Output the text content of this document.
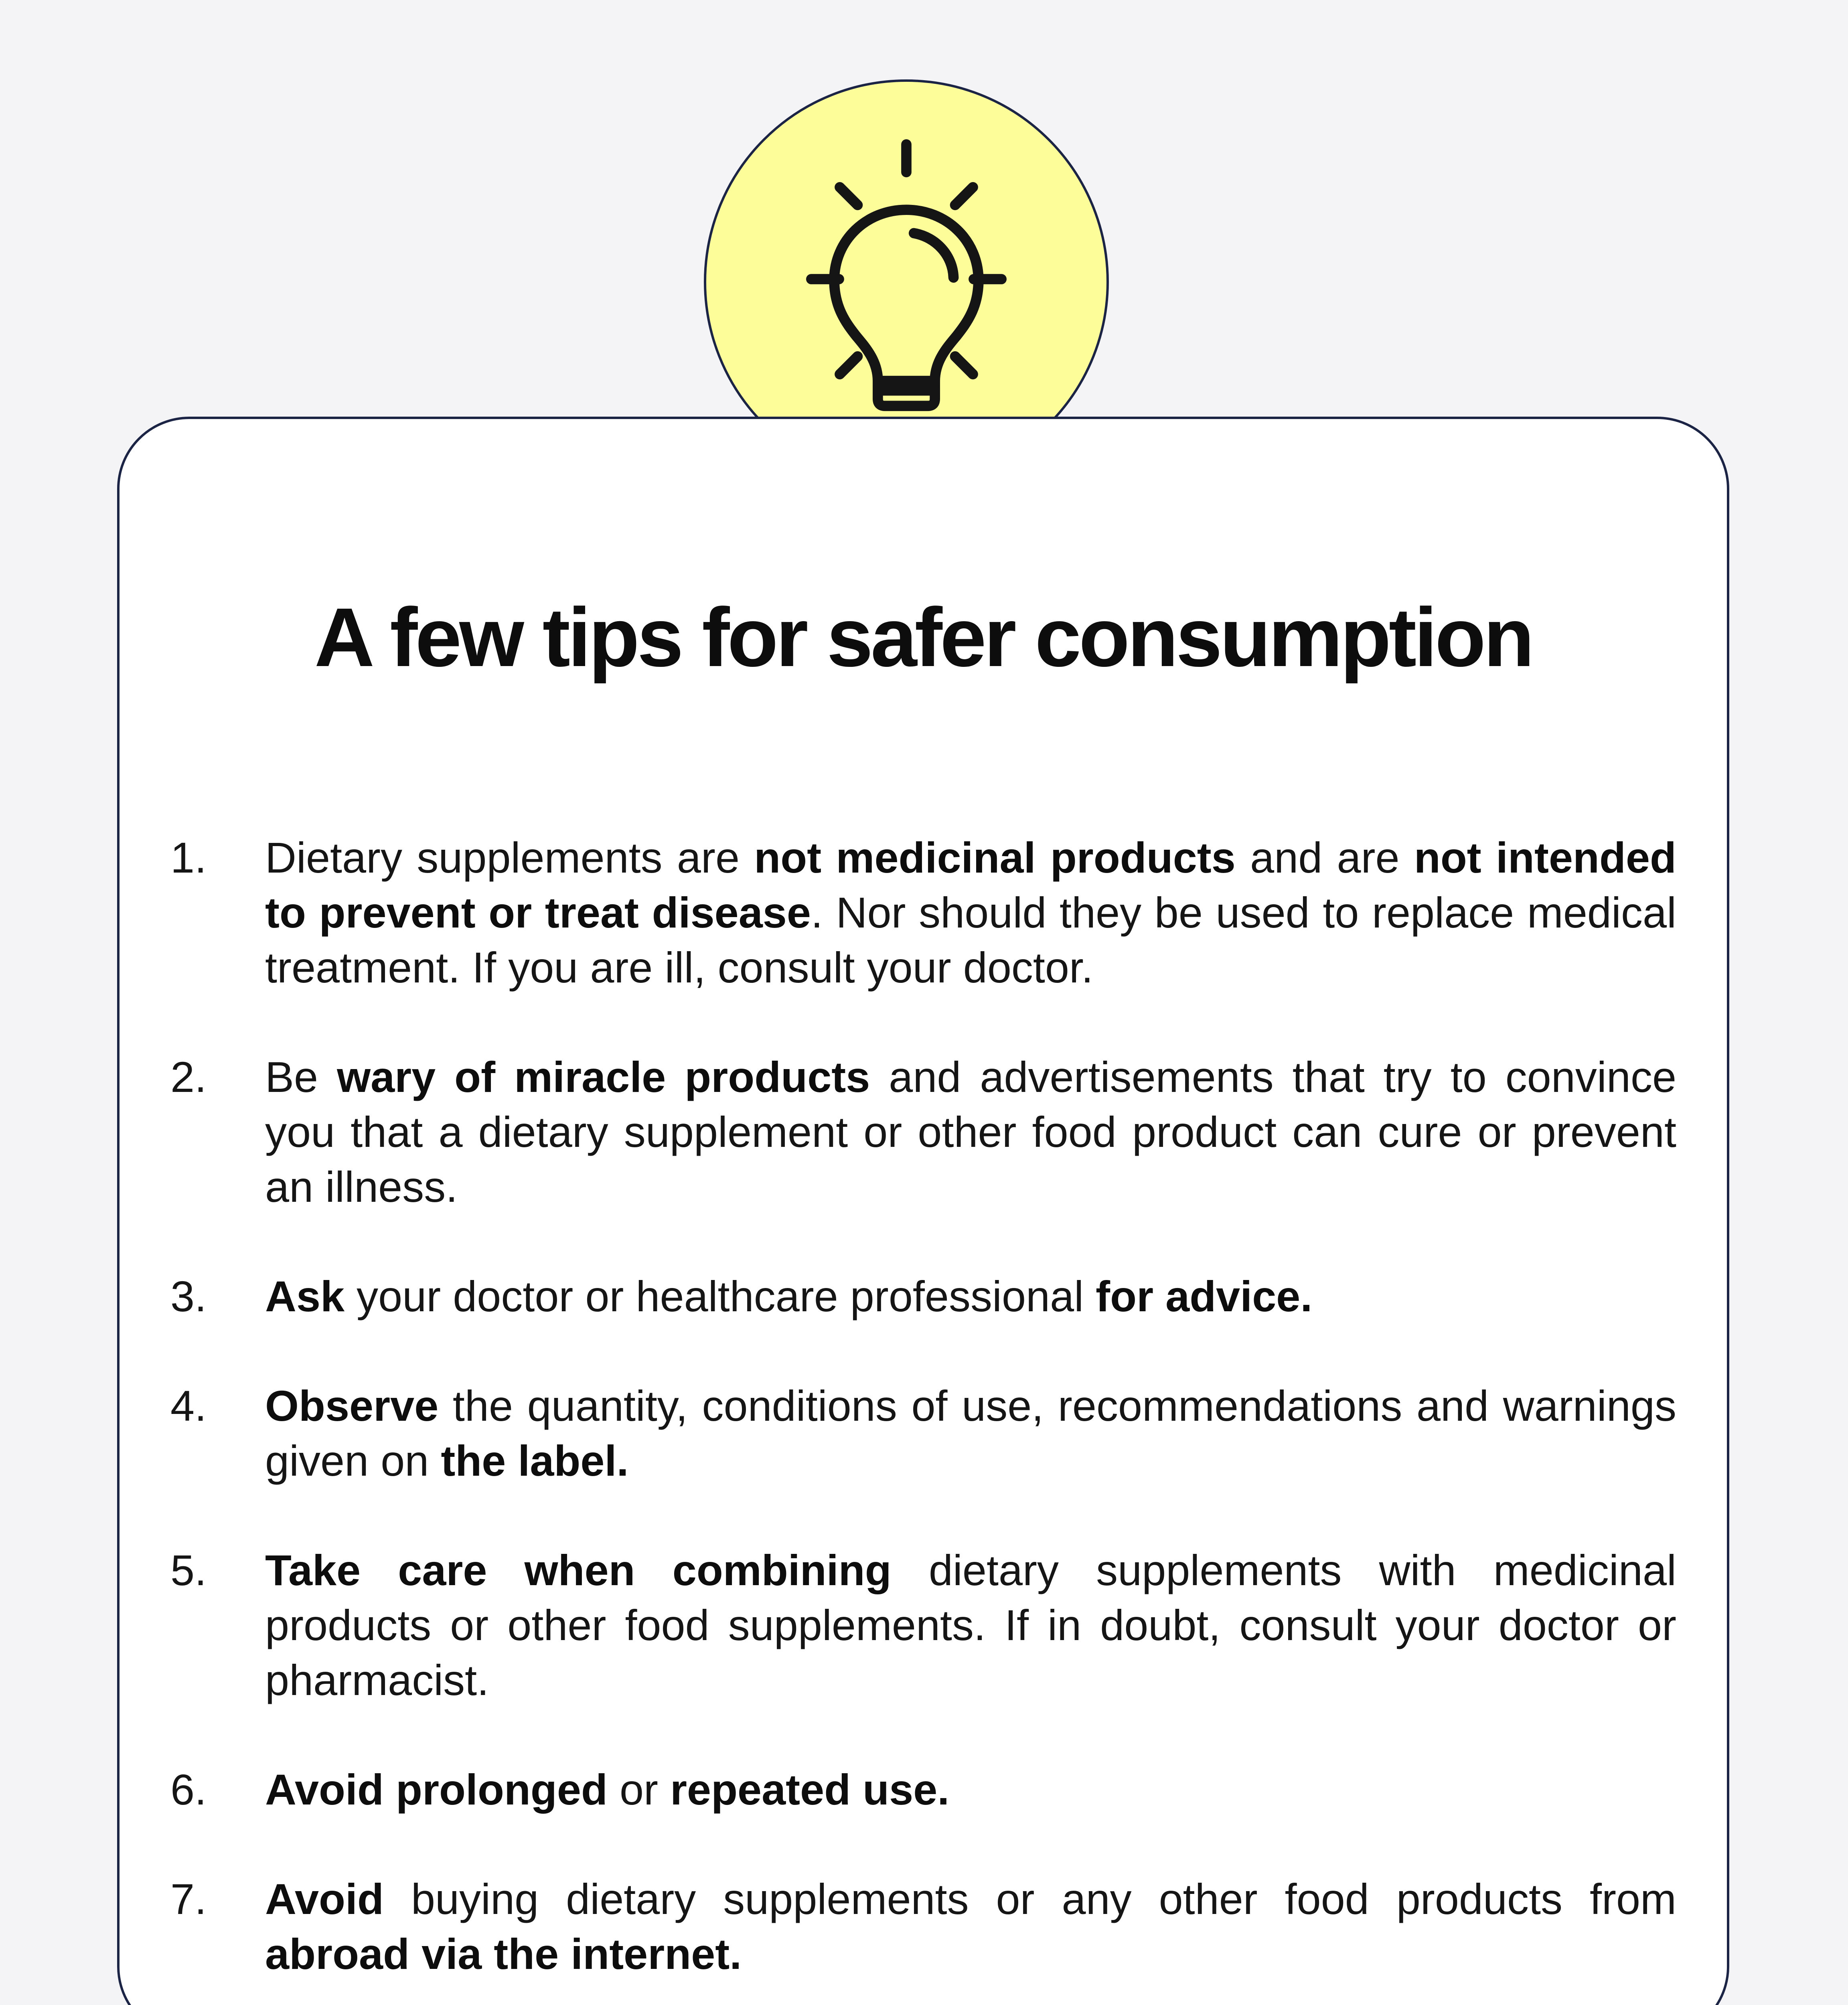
A few tips for safer consumption
1. Dietary supplements are not medicinal products and are not intended to prevent or treat disease. Nor should they be used to replace medical treatment. If you are ill, consult your doctor.
2. Be wary of miracle products and advertisements that try to convince you that a dietary supplement or other food product can cure or prevent an illness.
3. Ask your doctor or healthcare professional for advice.
4. Observe the quantity, conditions of use, recommendations and warnings given on the label.
5. Take care when combining dietary supplements with medicinal products or other food supplements. If in doubt, consult your doctor or pharmacist.
6. Avoid prolonged or repeated use.
7. Avoid buying dietary supplements or any other food products from abroad via the internet.
